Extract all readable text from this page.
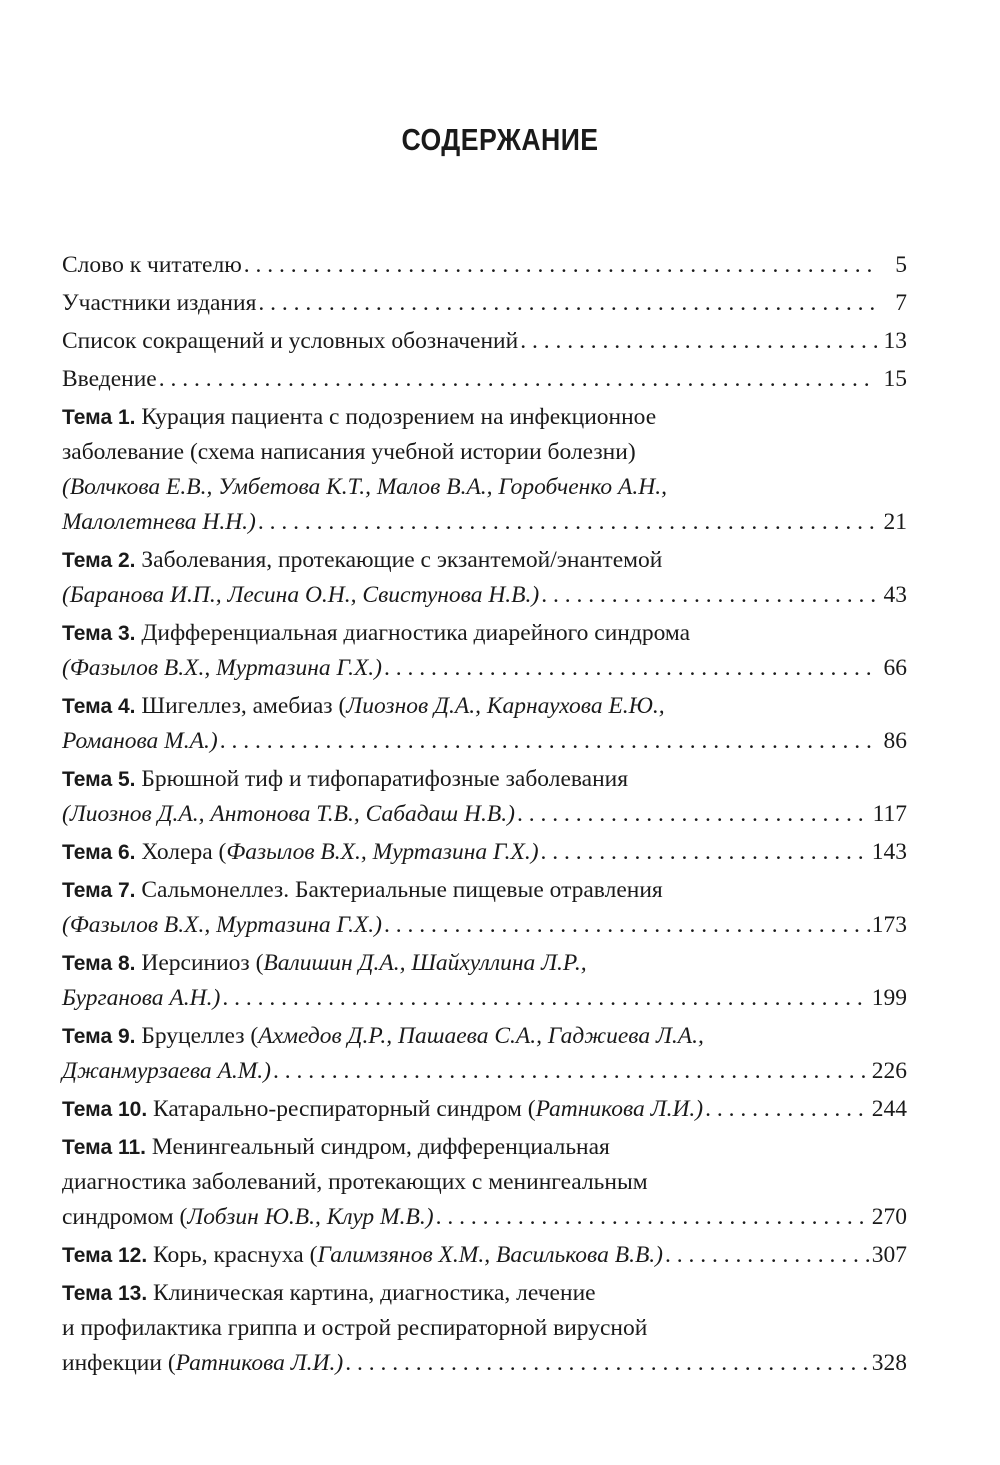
СОДЕРЖАНИЕ
Слово к читателю . . .	5
Участники издания . . .	7
Список сокращений и условных обозначений . . .	13
Введение . . .	15
Тема 1. Курация пациента с подозрением на инфекционное
заболевание (схема написания учебной истории болезни)
(Волчкова Е.В., Умбетова К.Т., Малов В.А., Горобченко А.Н.,
Малолетнева Н.Н.) . . .	21
Тема 2. Заболевания, протекающие с экзантемой/энантемой
(Баранова И.П., Лесина О.Н., Свистунова Н.В.) . . .	43
Тема 3. Дифференциальная диагностика диарейного синдрома
(Фазылов В.Х., Муртазина Г.Х.) . . .	66
Тема 4. Шигеллез, амебиаз (Лиознов Д.А., Карнаухова Е.Ю.,
Романова М.А.) . . .	86
Тема 5. Брюшной тиф и тифопаратифозные заболевания
(Лиознов Д.А., Антонова Т.В., Сабадаш Н.В.) . . .	117
Тема 6. Холера (Фазылов В.Х., Муртазина Г.Х.) . . .	143
Тема 7. Сальмонеллез. Бактериальные пищевые отравления
(Фазылов В.Х., Муртазина Г.Х.) . . .	173
Тема 8. Иерсиниоз (Валишин Д.А., Шайхуллина Л.Р.,
Бурганова А.Н.) . . .	199
Тема 9. Бруцеллез (Ахмедов Д.Р., Пашаева С.А., Гаджиева Л.А.,
Джанмурзаева А.М.) . . .	226
Тема 10. Катарально-респираторный синдром (Ратникова Л.И.) . . .	244
Тема 11. Менингеальный синдром, дифференциальная
диагностика заболеваний, протекающих с менингеальным
синдромом (Лобзин Ю.В., Клур М.В.) . . .	270
Тема 12. Корь, краснуха (Галимзянов Х.М., Василькова В.В.) . . .	307
Тема 13. Клиническая картина, диагностика, лечение
и профилактика гриппа и острой респираторной вирусной
инфекции (Ратникова Л.И.) . . .	328
